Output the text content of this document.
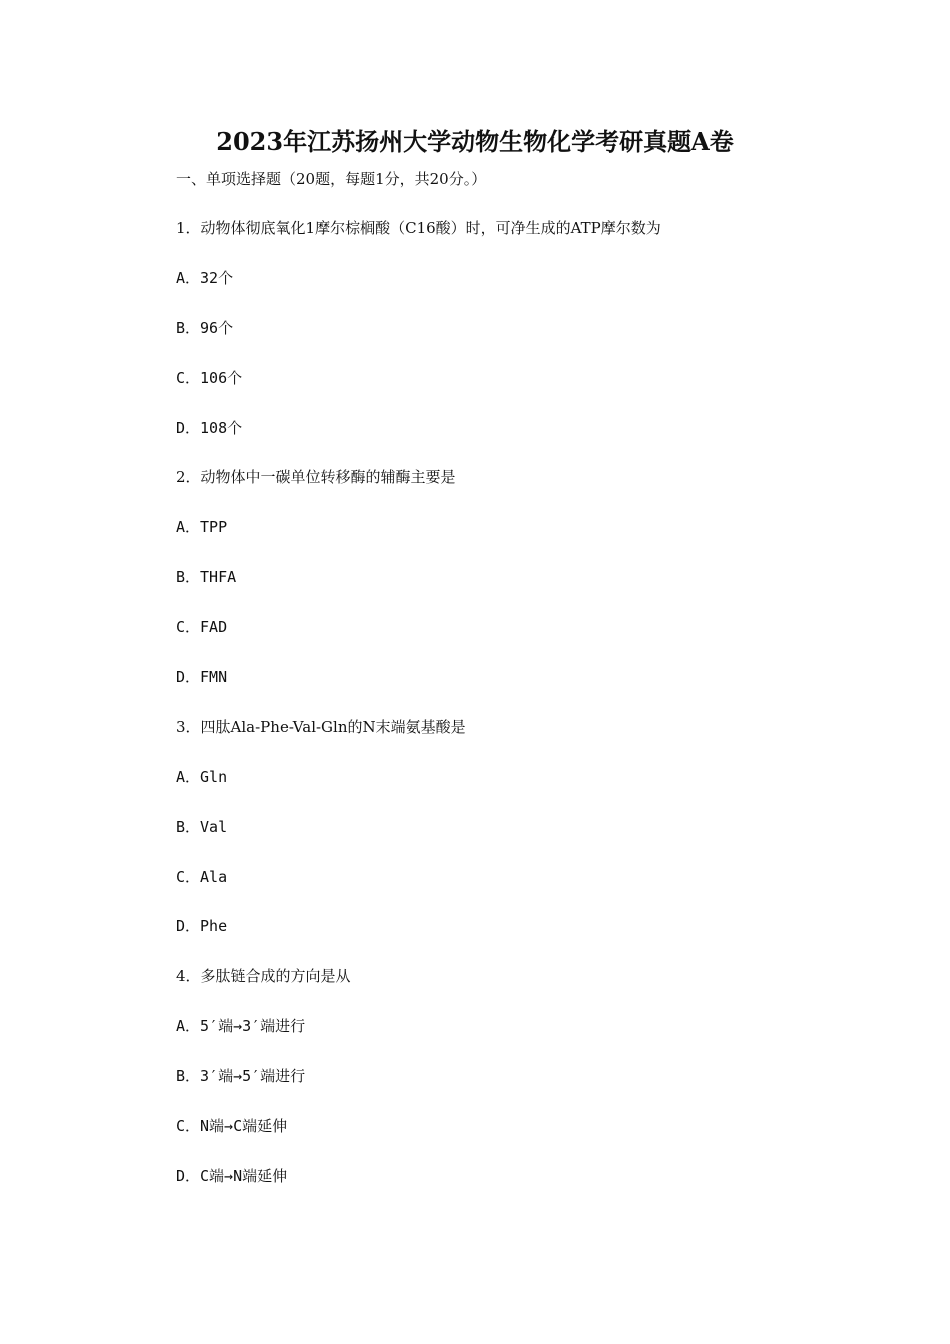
2023年江苏扬州大学动物生物化学考研真题A卷

一、单项选择题（20题，每题1分，共20分。）

1．动物体彻底氧化1摩尔棕榈酸（C16酸）时，可净生成的ATP摩尔数为
A．32个
B．96个
C．106个
D．108个
2．动物体中一碳单位转移酶的辅酶主要是
A．TPP
B．THFA
C．FAD
D．FMN
3．四肽Ala-Phe-Val-Gln的N末端氨基酸是
A．Gln
B．Val
C．Ala
D．Phe
4．多肽链合成的方向是从
A．5′端→3′端进行
B．3′端→5′端进行
C．N端→C端延伸
D．C端→N端延伸
